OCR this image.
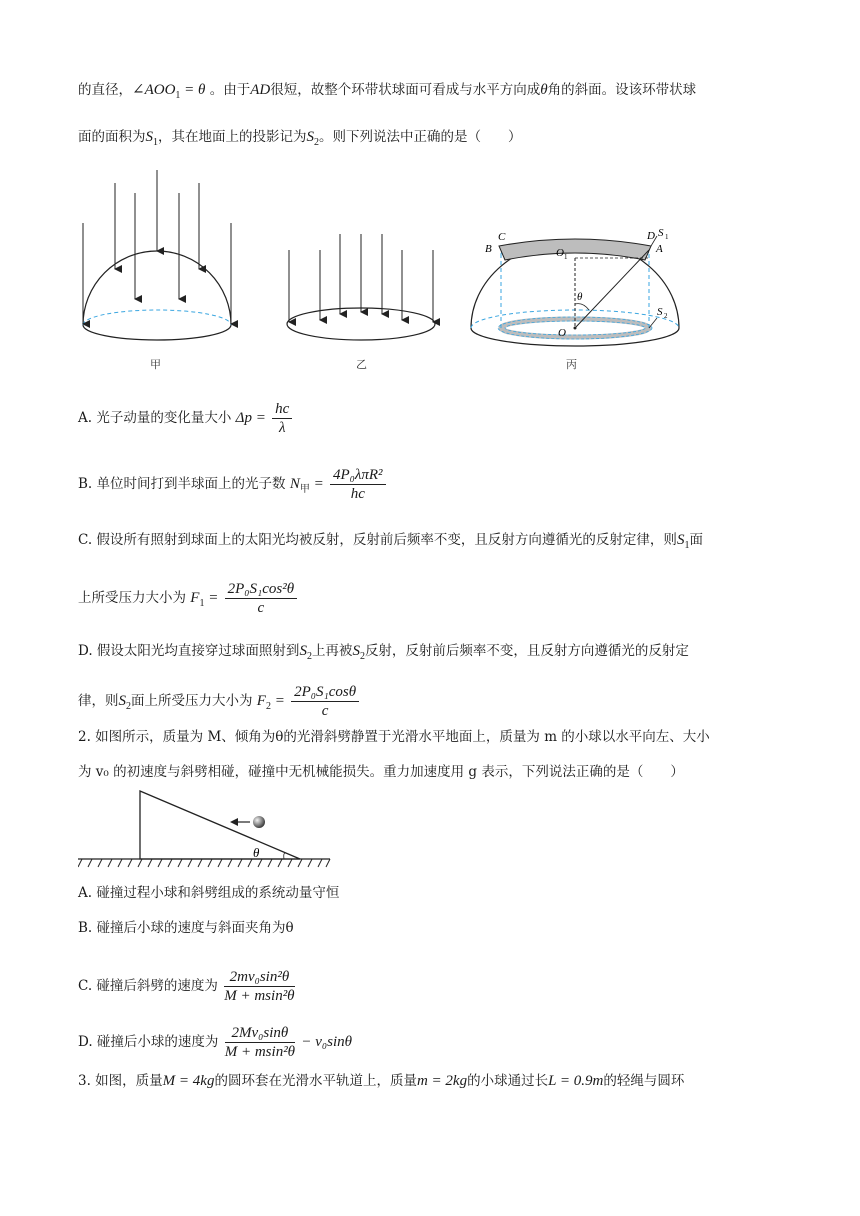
的直径，$\angle AOO_1 = \theta$ 。由于AD很短，故整个环带状球面可看成与水平方向成θ角的斜面。设该环带状球
面的面积为$S_1$，其在地面上的投影记为$S_2$。则下列说法中正确的是（　　）
甲	乙
C	D
B	A
S 1
O 1
θ
S 2
O
丙
A. 光子动量的变化量大小 $\Delta p = \frac{hc}{\lambda}$
B. 单位时间打到半球面上的光子数 $N_甲 = \frac{\text{4P₀λπR²}}{hc}$
C. 假设所有照射到球面上的太阳光均被反射，反射前后频率不变，且反射方向遵循光的反射定律，则$S_1$面
上所受压力大小为 $F_1 = \frac{\text{2P₀S₁cos²θ}}{c}$
D. 假设太阳光均直接穿过球面照射到$S_2$上再被$S_2$反射，反射前后频率不变，且反射方向遵循光的反射定
律，则$S_2$面上所受压力大小为 $F_2 = \frac{\text{2P₀S₁cosθ}}{c}$
2. 如图所示，质量为 M、倾角为θ的光滑斜劈静置于光滑水平地面上，质量为 m 的小球以水平向左、大小
为 v₀ 的初速度与斜劈相碰，碰撞中无机械能损失。重力加速度用 g 表示，下列说法正确的是（　　）
θ
A. 碰撞过程小球和斜劈组成的系统动量守恒
B. 碰撞后小球的速度与斜面夹角为θ
C. 碰撞后斜劈的速度为 $\frac{\text{2mv₀sin²θ}}{\text{M + msin²θ}}$
D. 碰撞后小球的速度为 $\frac{\text{2Mv₀sinθ}}{\text{M + msin²θ}} - v_0\sin\theta$
3. 如图，质量M = 4kg的圆环套在光滑水平轨道上，质量m = 2kg的小球通过长L = 0.9m的轻绳与圆环
